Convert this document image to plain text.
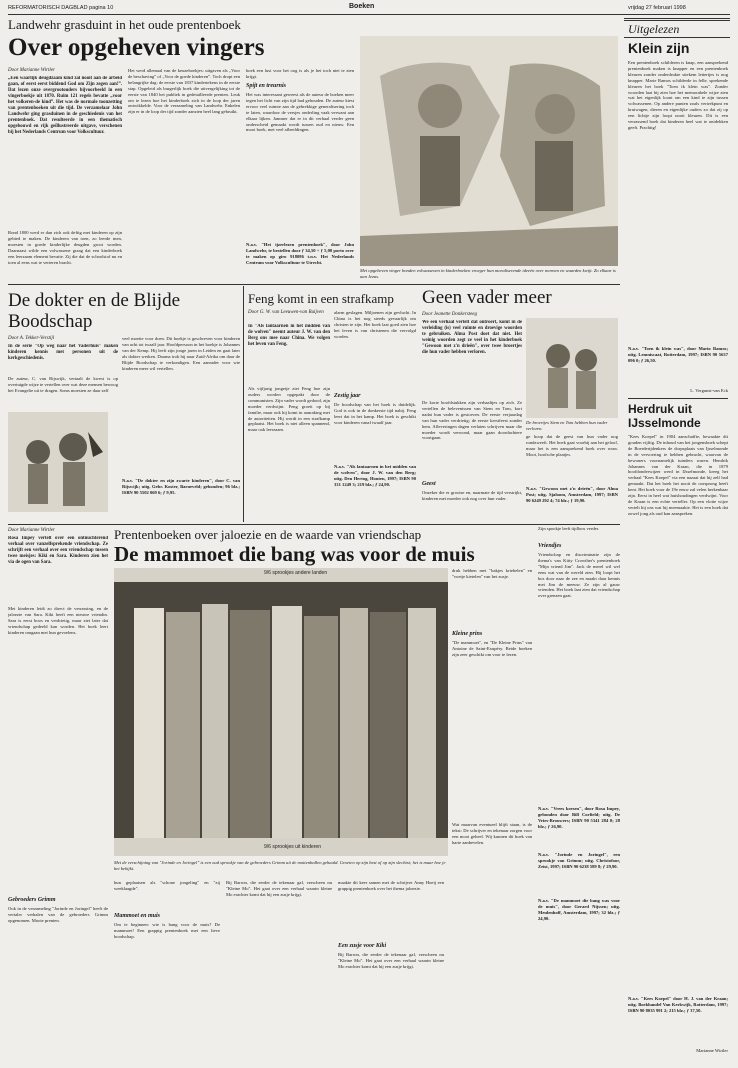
REFORMATORISCH DAGBLAD pagina 10	Boeken	vrijdag 27 februari 1998
Landwehr grasduint in het oude prentenboek
Over opgeheven vingers
Door Marianne Wirtler
„Een waarlijk deugdzaam kind zal nooit aan de arbeid gaan, of eerst eerst biddend God om Zijn zegen aan!”. Dat lezen onze overgrootouders bijvoorbeeld in een vingerboekje uit 1870. Ruim 121 regels bevatte „voor het volkeren-de kind”. Het was de normale toonzetting van prentenboeken uit die tijd. De verzamelaar John Landwehr ging grasduinen in de geschiedenis van het prentenboek. Dat resulteerde in een thematisch opgebouwd en rijk geïllustreerde uitgave, verschenen bij het Nederlands Centrum voor Volkscultuur.
Rond 1800 werd er dan zich ook deftig met kinderen op zijn gebied te maken. De kinderen van toen, zo leerde men, moesten in goede kinderlijke deugden groot worden. Daarnaast wilde een volwassene graag dat een kinderboek een leerzaam element bevatte. Zij die dat de schoolstof nu en toen al eens wat te verteren bracht.
Het werd allemaal van de keuzeboekjes: uitgaven als „Voor de beschaving” of „Voor de goede kinderen”. Toch dropt een belangrijke dag: de eerste van 1837 kindertekens in de eerste stap. Opgeleid als burgerlijk boek die uitvergelijking tot de eerste van 1840 het publiek in gedetailleerde prenten. Leuk om te lezen hoe het kinderboek zich in de loop der jaren ontwikkelde. Voor de verzameling van Landwehr. Enkelen zijn er in de loop der tijd zonder aanzien heel lang gebruikt.
boek een lust voor het oog is als je het toch niet te zien krijgt.
Spijt en treurnis
Het was interessant geweest als de auteur de boeken meer tegen het licht van zijn tijd had gehouden. De auteur kiest ervoor veel ruimte aan de gebrekkige generalisering toch te laten, waardoor de versjes onderling vaak verwant aan elkaar lijken. Jammer dat er in dit verhaal verder geen onderscheid gemaakt wordt tussen oud en nieuw. Een mooi boek, met veel afbeeldingen.
N.a.v. "Het ijzerlezen prentenboek", door John Landwehr, te bestellen door ƒ 34,50 + ƒ 5,00 porto over te maken op giro 918086 t.n.v. Het Nederlands Centrum voor Volkscultuur te Utrecht.
Met opgeheven vinger bonden volwassenen in kinderboeken vroeger hun moraliserende ideeën over normen en waarden kwijt. Zo elkaar is aan Jezus.
Uitgelezen
Klein zijn
Een prentenboek schilderen is knap, een aansprekend prentenboek maken is knapper en een prentenboek kleuren zonder onderdrukte stiekem lettertjes is nog knapper. Marie Ramos schilderde in felle, sprekende kleuren het boek "Toen ik klein was". Zonder woorden laat hij zien hoe het memorabele wijze zien wat het eigenlijk loont om een kind te zijn tussen volwassenen. Op andere punten zoals vertrekpunt en kruiwagen, dieren en eigenlijke ouders zo dat zij op een lichtje zijn loopt nooit kleuren. Dit is een verrassend boek dat kinderen heel wat te ontdekken geeft. Prachtig!
N.a.v. "Toen ik klein was", door Mario Ramos; uitg. Lemniscaat, Rotterdam, 1997; ISBN 90 5637 096 0; ƒ 26,50.
L. Vergunst-van Eck
Herdruk uit IJsselmonde
"Kees Koepel" in 1904 aanschaffte, bewaakte dit gouden vijftig. De inhoud van het jongensboek schept de Boerderijdenkers de dorpsplaats van Ijsselmonde in de vervoering te hebben gebracht, waarvan de bewoners voornamelijk tuinders waren. Hendrik Johannes van der Kraan, die in 1879 hoofdonderwijzer werd in IJsselmonde, kreeg het verhaal "Kees Koepel" via een nazaat dat hij zelf had gemaakt. Dat het boek het nooit de oorsprong heeft kent. Het boek voor de 19e eeuw zal velen herkenbaar zijn. Eerst in heel wat huishoudingen verdwijnt. Voor de Kraan is een echte verteller. Op een vlotte wijze vertelt hij ons wat hij meemaakte. Het is een boek dat zowel jong als oud kan aanspreken.
N.a.v. "Kees Koepel" door H. J. van der Kraan; uitg. Boekhandel Van Kerkwijk, Rotterdam, 1997; ISBN 90 8035 991 2; 215 blz.; ƒ 37,50.
Marianne Wirtler
De dokter en de Blijde Boodschap
Door A. Tekker-Verstijl
In de serie "Op weg naar het Vaderhuis" maken kinderen kennis met personen uit de kerkgeschiedenis.
De auteur, C. van Rijswijk, vertaalt de kwest is op overtuigde wijze te vertellen over wat deze mensen bewoog het Evangelie uit te dragen. Soms moesten ze daar zelf
veel moeite voor doen. Dit boekje is geschreven voor kinderen van acht tot twaalf jaar. Hoofdpersoon in het boekje is Johannes van der Kemp. Hij leeft zijn jonge jaren in Leiden en gaat later als dokter werken. Daarna trok hij naar Zuid-Afrika om daar de Blijde Boodschap te verkondigen. Een aanrader voor wie kinderen meer wil vertellen.
N.a.v. "De dokter en zijn zwarte kinderen", door C. van Rijswijk; uitg. Gebr. Koster, Barneveld; gebonden; 96 blz.; ISBN 90 5502 069 6; ƒ 9,95.
Feng komt in een strafkamp
Door G. W. van Leeuwen-van Ruijven
In "Als lantaarnen in het midden van de wolven" neemt auteur J. W. van den Berg ons mee naar China. We volgen het leven van Feng.
Als vijfjarig jongetje ziet Feng hoe zijn ouders worden opgepakt door de communisten. Zijn vader wordt gedood, zijn moeder verdwijnt. Feng groeit op bij familie, maar ook hij komt in aanraking met de autoriteiten. Hij wordt in een strafkamp geplaatst. Het boek is niet alleen spannend, maar ook leerzaam.
alarm geslagen. Miljoenen zijn gevlucht. In China is het nog steeds gevaarlijk om christen te zijn. Het boek laat goed zien hoe het leven is van christenen die vervolgd worden.
Zestig jaar
De boodschap van het boek is duidelijk. God is ook in de donkerste tijd nabij. Feng leert dat in het kamp. Het boek is geschikt voor kinderen vanaf twaalf jaar.
N.a.v. "Als lantaarnen in het midden van de wolven", door J. W. van den Berg; uitg. Den Hertog, Houten, 1997; ISBN 90 331 1249 3; 219 blz.; ƒ 24,90.
Geen vader meer
Door Jeanette Donkersteeg
We een verhaal vertelt dat ontroert, komt in de verleiding (is) veel ruimte en droevige woorden te gebruiken. Alma Post doet dat niet. Het weinig woorden zegt ze veel in het kinderboek "Gewoon met z'n drieën", over twee broertjes die hun vader hebben verloren.
De korte hoofdstukken zijn verhaaltjes op zich. Ze vertellen de belevenissen van Siem en Tom, kort nadat hun vader is gestorven. De eerste verjaardag van hun vader verdrietig; de eerste kerstfeest zonder hem. Afleveringen dagen verlaten schrijven maar die moeder wordt verwond, maar gaan doordachtere voortgaan.
Geest
Onzeker die er grootse en, naarmate de tijd verstrijkt, kinderen met moeder ook nog over hun vader.
De broertjes Siem en Tom hebben hun vader verloren.
ge hoop dat de geest van hun vader nog rondzweeft. Het boek gaat voorbij aan het geloof, maar het is een aansprekend boek over rouw. Mooi, hoofsche plaatjes.
N.a.v. "Gewoon met z'n drieën", door Alma Post; uitg. Sjaloom, Amsterdam, 1997; ISBN 90 6249 292 4; 74 blz.; ƒ 19,90.
Door Marianne Wirtler
Rosa Impey vertelt over een ontnuchterend verhaal over vanzelfsprekende vriendschap. Ze schrijft een verhaal over een vriendschap tussen twee meisjes: Kiki en Sara. Kinderen zien het via de ogen van Sara.
Met kinderen leidt zo direct de verrassing, en de jaloezie van Sara. Kiki heeft een nieuwe vriendin. Sara is eerst boos en verdrietig, maar ziet later dat vriendschap gedeeld kan worden. Het boek leert kinderen omgaan met hun gevoelens.
Gebroeders Grimm
Ook in de verzameling "Jorinde en Joringel" heeft de vertaler verhalen van de gebroeders Grimm opgenomen. Mooie prenten.
Prentenboeken over jaloezie en de waarde van vriendschap
De mammoet die bang was voor de muis
9/6 sprookjes andere landen
9/6 sprookjes uit kinderen
Met de verschijning van "Jorinde en Joringel" is een oud sprookje van de gebroeders Grimm uit de mottenballen gehaald. Groeien op zijn best of op zijn slechtst; het is maar hoe je het bekijkt.
hun geplaatsen als "schone jongeling" en "zij weeklaagde".
Mammoet en muis
Om te beginnen: wie is bang voor de muis? De mammoet! Een grappig prentenboek met een lieve boodschap.
Bij Barron, die eerder de tekenaar gaf, verscheen nu "Kleine Mo". Het gaat over een verhaal waarin kleine Mo erachter komt dat hij een zusje krijgt.
maakte dit keer samen met de schrijver Anny Hoeij een grappig prentenboek over het thema jaloezie.
Een zusje voor Kiki
Bij Barron, die eerder de tekenaar gaf, verscheen nu "Kleine Mo". Het gaat over een verhaal waarin kleine Mo erachter komt dat hij een zusje krijgt.
druk hebben met "bakjes kriebelen" en "voetje kietelen" van het zusje.
Kleine prins
"De mammoet", en "De Kleine Prins" van Antoine de Saint-Exupéry. Beide boeken zijn zeer geschikt om voor te lezen.
Wat maarvan eventueel blijft staan, is de tekst: De schrijver en tekenaar zorgen voor een mooi geheel. Wij kunnen dit boek van harte aanbevelen.
Zijn spookje leeft tijdloos verder.
Vriendjes
Vriendschap en discriminatie zijn de thema's van Kitty Crowther's prentenboek "Mijn vriend Jim". Jack de merel wil wel eens wat van de wereld zien. Hij loopt het bos door naar de zee en maakt daar kennis met Jim de meeuw. Ze zijn al gauw vrienden. Het boek laat zien dat vriendschap over grenzen gaat.
N.a.v. "Vrees koesen", door Rosa Impey, gebonden door Bill Corfield; uitg. De Vries-Brouwers; ISBN 90 5341 284 0; 28 blz.; ƒ 26,90.
N.a.v. "Jorinde en Joringel", een sprookje van Grimm; uitg. Christofoor, Zeist, 1997; ISBN 90 6238 589 8; ƒ 29,90.
N.a.v. "De mammoet die bang was voor de muis", door Gerard Nijssen; uitg. Meulenhoff, Amsterdam, 1997; 32 blz.; ƒ 24,90.
